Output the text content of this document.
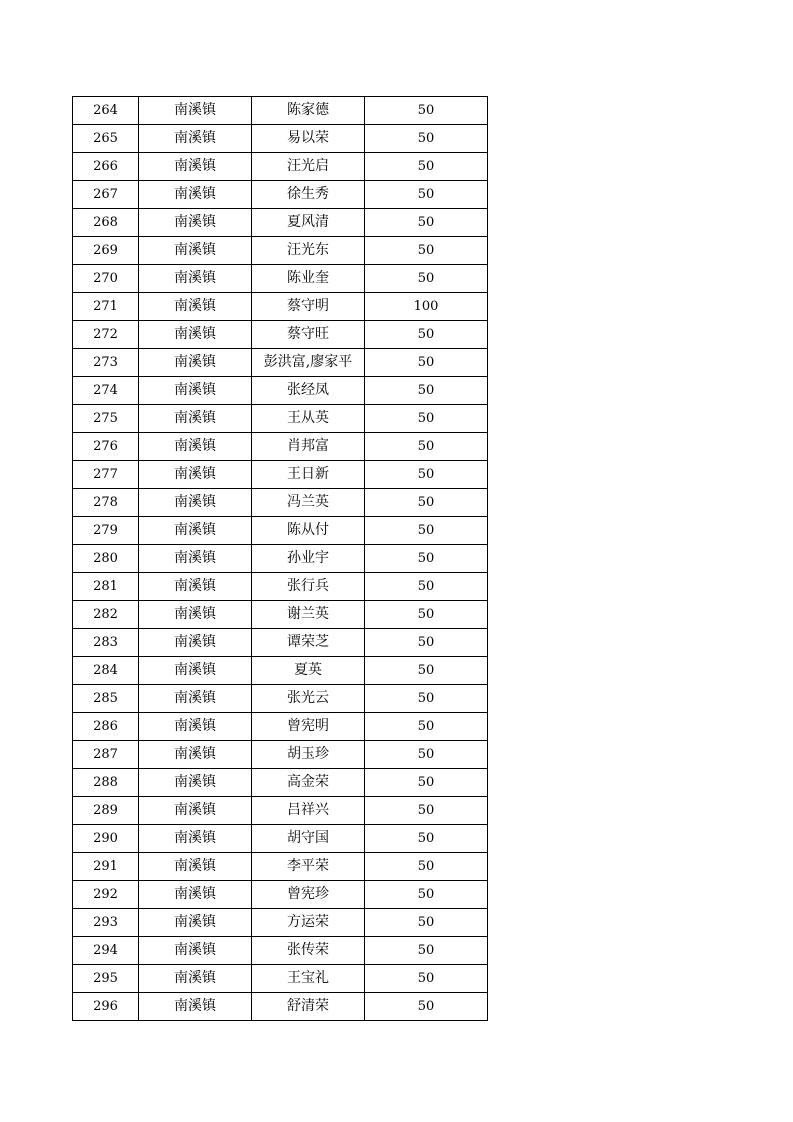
264	南溪镇	陈家德	50
265	南溪镇	易以荣	50
266	南溪镇	汪光启	50
267	南溪镇	徐生秀	50
268	南溪镇	夏风清	50
269	南溪镇	汪光东	50
270	南溪镇	陈业奎	50
271	南溪镇	蔡守明	100
272	南溪镇	蔡守旺	50
273	南溪镇	彭洪富,廖家平	50
274	南溪镇	张经凤	50
275	南溪镇	王从英	50
276	南溪镇	肖邦富	50
277	南溪镇	王日新	50
278	南溪镇	冯兰英	50
279	南溪镇	陈从付	50
280	南溪镇	孙业宇	50
281	南溪镇	张行兵	50
282	南溪镇	谢兰英	50
283	南溪镇	谭荣芝	50
284	南溪镇	夏英	50
285	南溪镇	张光云	50
286	南溪镇	曾宪明	50
287	南溪镇	胡玉珍	50
288	南溪镇	高金荣	50
289	南溪镇	吕祥兴	50
290	南溪镇	胡守国	50
291	南溪镇	李平荣	50
292	南溪镇	曾宪珍	50
293	南溪镇	方运荣	50
294	南溪镇	张传荣	50
295	南溪镇	王宝礼	50
296	南溪镇	舒清荣	50
